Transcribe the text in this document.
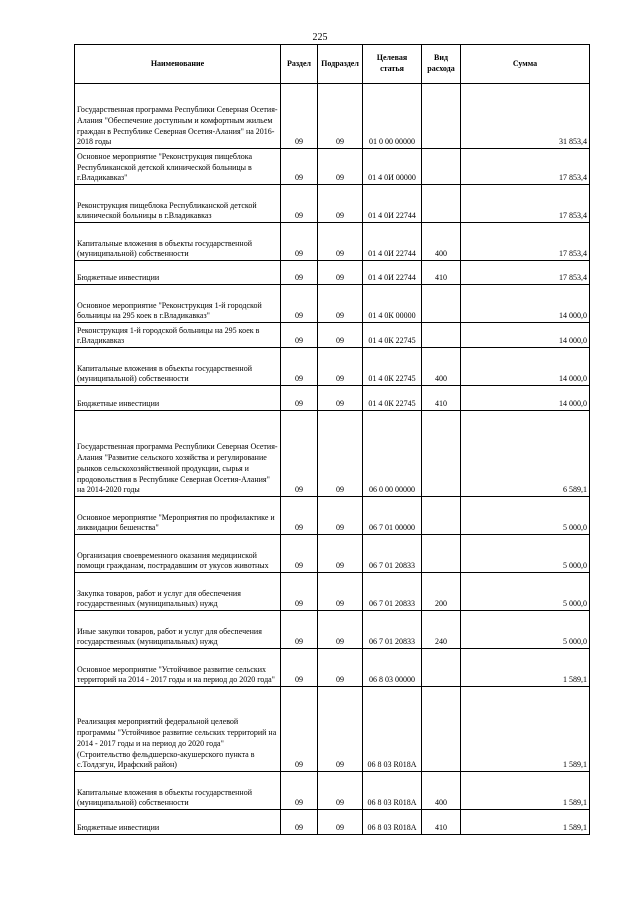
225
Наименование	Раздел	Подраздел	Целевая статья	Вид расхода	Сумма
Государственная программа Республики Северная Осетия-Алания "Обеспечение доступным и комфортным жильем граждан в Республике Северная Осетия-Алания" на 2016-2018 годы	09	09	01 0 00 00000		31 853,4
Основное мероприятие "Реконструкция пищеблока Республиканской детской клинической больницы в г.Владикавказ"	09	09	01 4 0И 00000		17 853,4
Реконструкция пищеблока Республиканской детской клинической больницы в г.Владикавказ	09	09	01 4 0И 22744		17 853,4
Капитальные вложения в объекты государственной (муниципальной) собственности	09	09	01 4 0И 22744	400	17 853,4
Бюджетные инвестиции	09	09	01 4 0И 22744	410	17 853,4
Основное мероприятие "Реконструкция 1-й городской больницы на 295 коек в г.Владикавказ"	09	09	01 4 0К 00000		14 000,0
Реконструкция 1-й городской больницы на 295 коек в г.Владикавказ	09	09	01 4 0К 22745		14 000,0
Капитальные вложения в объекты государственной (муниципальной) собственности	09	09	01 4 0К 22745	400	14 000,0
Бюджетные инвестиции	09	09	01 4 0К 22745	410	14 000,0
Государственная программа Республики Северная Осетия-Алания "Развитие сельского хозяйства и регулирование рынков сельскохозяйственной продукции, сырья и продовольствия в Республике Северная Осетия-Алания" на 2014-2020 годы	09	09	06 0 00 00000		6 589,1
Основное мероприятие "Мероприятия по профилактике и ликвидации бешенства"	09	09	06 7 01 00000		5 000,0
Организация своевременного оказания медицинской помощи гражданам, пострадавшим от укусов животных	09	09	06 7 01 20833		5 000,0
Закупка товаров, работ и услуг для обеспечения государственных (муниципальных) нужд	09	09	06 7 01 20833	200	5 000,0
Иные закупки товаров, работ и услуг для обеспечения государственных (муниципальных) нужд	09	09	06 7 01 20833	240	5 000,0
Основное мероприятие "Устойчивое развитие сельских территорий на 2014 - 2017 годы и на период до 2020 года"	09	09	06 8 03 00000		1 589,1
Реализация мероприятий федеральной целевой программы "Устойчивое развитие сельских территорий на 2014 - 2017 годы и на период до 2020 года" (Строительство фельдшерско-акушерского пункта в с.Толдзгун, Ирафский район)	09	09	06 8 03 R018A		1 589,1
Капитальные вложения в объекты государственной (муниципальной) собственности	09	09	06 8 03 R018A	400	1 589,1
Бюджетные инвестиции	09	09	06 8 03 R018A	410	1 589,1
